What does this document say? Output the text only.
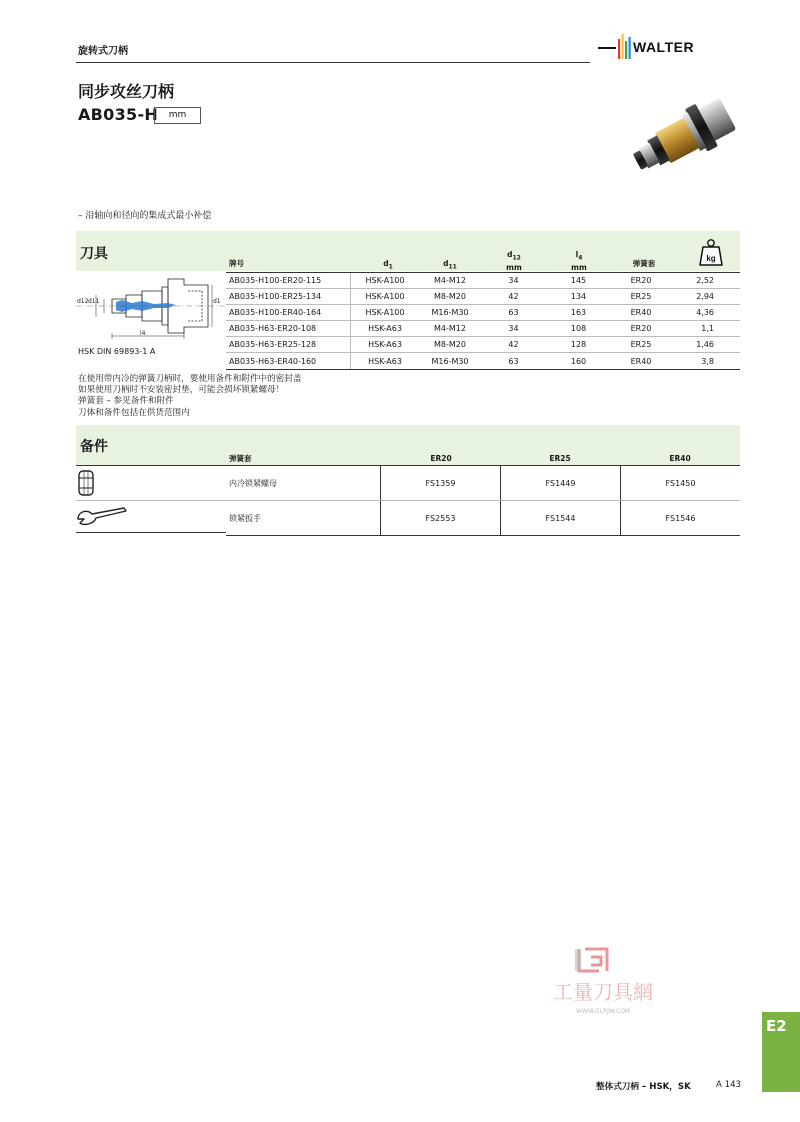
旋转式刀柄	WALTER
同步攻丝刀柄
AB035-H	mm
– 沿轴向和径向的集成式最小补偿
刀具
牌号	$d_1$	$d_{11}$
$d_{12}$
mm
$l_4$
mm	弹簧套
kg
AB035-H100-ER20-115	HSK-A100	M4-M12	34	145	ER20	2,52
AB035-H100-ER25-134	HSK-A100	M8-M20	42	134	ER25	2,94
AB035-H100-ER40-164	HSK-A100	M16-M30	63	163	ER40	4,36
AB035-H63-ER20-108	HSK-A63	M4-M12	34	108	ER20	1,1
AB035-H63-ER25-128	HSK-A63	M8-M20	42	128	ER25	1,46
AB035-H63-ER40-160	HSK-A63	M16-M30	63	160	ER40	3,8
d12 d11	d1
l4
HSK DIN 69893-1 A
在使用带内冷的弹簧刀柄时，要使用备件和附件中的密封盖
如果使用刀柄时不安装密封垫，可能会损坏锁紧螺母！
弹簧套 – 参见备件和附件
刀体和备件包括在供货范围内
备件
弹簧套	ER20	ER25	ER40
内冷锁紧螺母	FS1359	FS1449	FS1450
锁紧扳手	FS2553	FS1544	FS1546
工量刀具網
WWW.GLRJW.COM
E2
整体式刀柄 – HSK，SK	A 143
